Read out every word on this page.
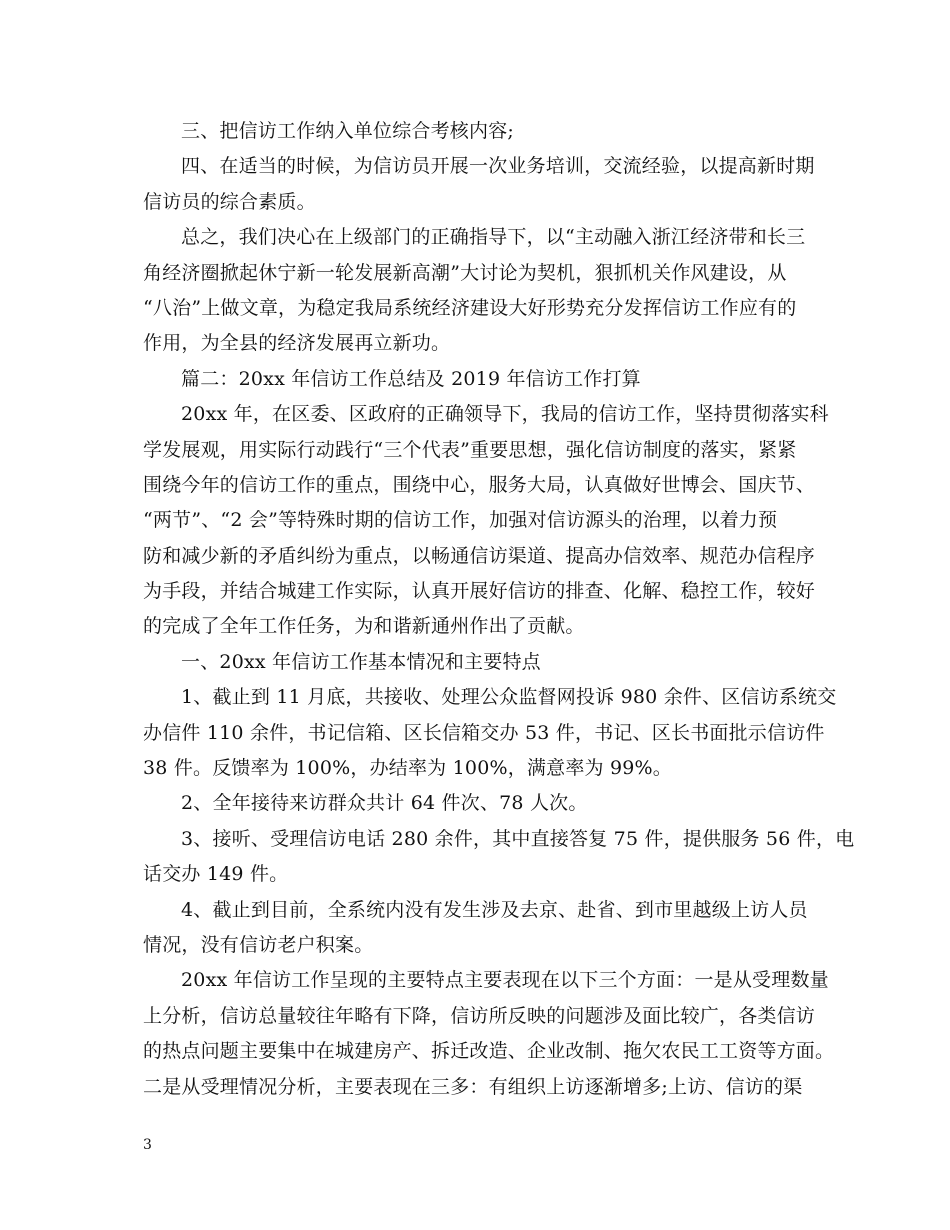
三、把信访工作纳入单位综合考核内容;
四、在适当的时候，为信访员开展一次业务培训，交流经验，以提高新时期
信访员的综合素质。
总之，我们决心在上级部门的正确指导下，以“主动融入浙江经济带和长三
角经济圈掀起休宁新一轮发展新高潮”大讨论为契机，狠抓机关作风建设，从
“八治”上做文章，为稳定我局系统经济建设大好形势充分发挥信访工作应有的
作用，为全县的经济发展再立新功。
篇二：20xx 年信访工作总结及 2019 年信访工作打算
20xx 年，在区委、区政府的正确领导下，我局的信访工作，坚持贯彻落实科
学发展观，用实际行动践行“三个代表”重要思想，强化信访制度的落实，紧紧
围绕今年的信访工作的重点，围绕中心，服务大局，认真做好世博会、国庆节、
“两节”、“2 会”等特殊时期的信访工作，加强对信访源头的治理，以着力预
防和减少新的矛盾纠纷为重点，以畅通信访渠道、提高办信效率、规范办信程序
为手段，并结合城建工作实际，认真开展好信访的排查、化解、稳控工作，较好
的完成了全年工作任务，为和谐新通州作出了贡献。
一、20xx 年信访工作基本情况和主要特点
1、截止到 11 月底，共接收、处理公众监督网投诉 980 余件、区信访系统交
办信件 110 余件，书记信箱、区长信箱交办 53 件，书记、区长书面批示信访件
38 件。反馈率为 100%，办结率为 100%，满意率为 99%。
2、全年接待来访群众共计 64 件次、78 人次。
3、接听、受理信访电话 280 余件，其中直接答复 75 件，提供服务 56 件，电
话交办 149 件。
4、截止到目前，全系统内没有发生涉及去京、赴省、到市里越级上访人员
情况，没有信访老户积案。
20xx 年信访工作呈现的主要特点主要表现在以下三个方面：一是从受理数量
上分析，信访总量较往年略有下降，信访所反映的问题涉及面比较广，各类信访
的热点问题主要集中在城建房产、拆迁改造、企业改制、拖欠农民工工资等方面。
二是从受理情况分析，主要表现在三多：有组织上访逐渐增多;上访、信访的渠
3
